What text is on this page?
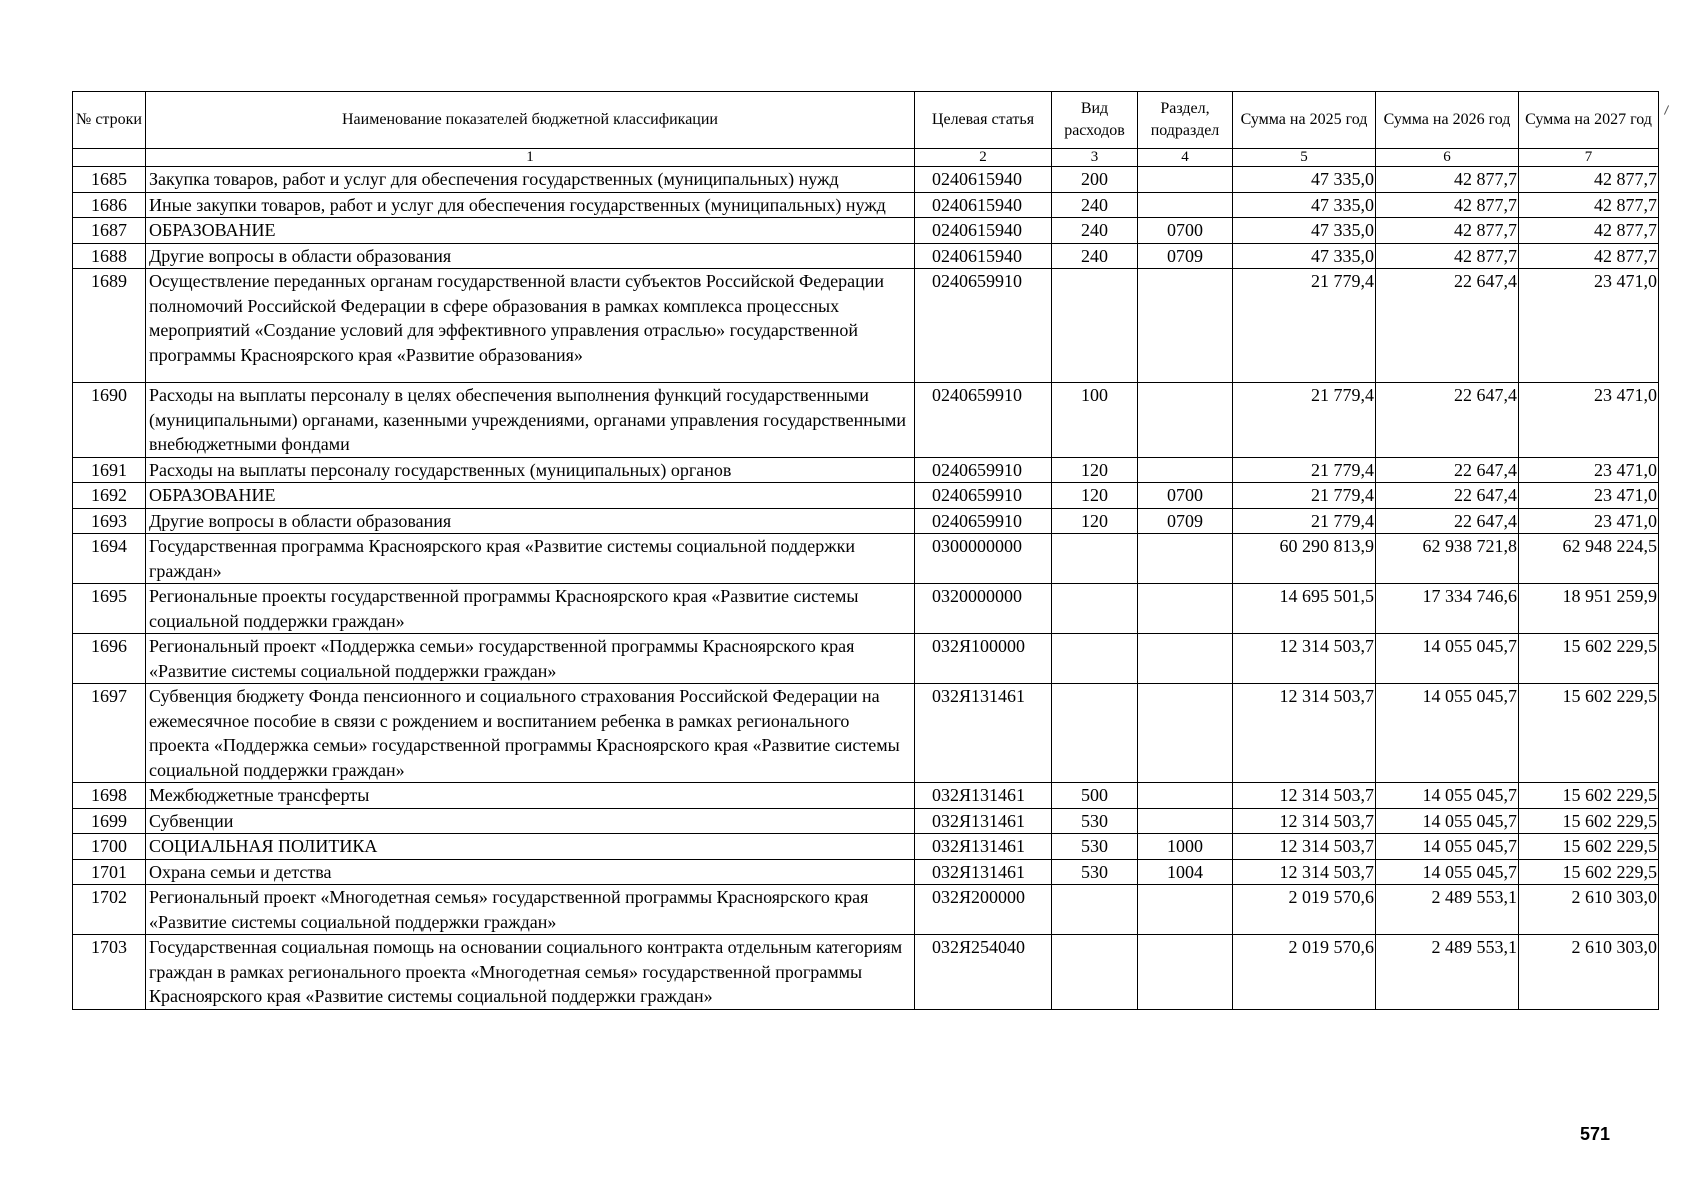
№ строки	Наименование показателей бюджетной классификации	Целевая статья	Вид расходов	Раздел, подраздел	Сумма на 2025 год	Сумма на 2026 год	Сумма на 2027 год
	1	2	3	4	5	6	7
1685	Закупка товаров, работ и услуг для обеспечения государственных (муниципальных) нужд	0240615940	200		47 335,0	42 877,7	42 877,7
1686	Иные закупки товаров, работ и услуг для обеспечения государственных (муниципальных) нужд	0240615940	240		47 335,0	42 877,7	42 877,7
1687	ОБРАЗОВАНИЕ	0240615940	240	0700	47 335,0	42 877,7	42 877,7
1688	Другие вопросы в области образования	0240615940	240	0709	47 335,0	42 877,7	42 877,7
1689	Осуществление переданных органам государственной власти субъектов Российской Федерации полномочий Российской Федерации в сфере образования в рамках комплекса процессных мероприятий «Создание условий для эффективного управления отраслью» государственной программы Красноярского края «Развитие образования»	0240659910			21 779,4	22 647,4	23 471,0
1690	Расходы на выплаты персоналу в целях обеспечения выполнения функций государственными (муниципальными) органами, казенными учреждениями, органами управления государственными внебюджетными фондами	0240659910	100		21 779,4	22 647,4	23 471,0
1691	Расходы на выплаты персоналу государственных (муниципальных) органов	0240659910	120		21 779,4	22 647,4	23 471,0
1692	ОБРАЗОВАНИЕ	0240659910	120	0700	21 779,4	22 647,4	23 471,0
1693	Другие вопросы в области образования	0240659910	120	0709	21 779,4	22 647,4	23 471,0
1694	Государственная программа Красноярского края «Развитие системы социальной поддержки граждан»	0300000000			60 290 813,9	62 938 721,8	62 948 224,5
1695	Региональные проекты государственной программы Красноярского края «Развитие системы социальной поддержки граждан»	0320000000			14 695 501,5	17 334 746,6	18 951 259,9
1696	Региональный проект «Поддержка семьи» государственной программы Красноярского края «Развитие системы социальной поддержки граждан»	032Я100000			12 314 503,7	14 055 045,7	15 602 229,5
1697	Субвенция бюджету Фонда пенсионного и социального страхования Российской Федерации на ежемесячное пособие в связи с рождением и воспитанием ребенка в рамках регионального проекта «Поддержка семьи» государственной программы Красноярского края «Развитие системы социальной поддержки граждан»	032Я131461			12 314 503,7	14 055 045,7	15 602 229,5
1698	Межбюджетные трансферты	032Я131461	500		12 314 503,7	14 055 045,7	15 602 229,5
1699	Субвенции	032Я131461	530		12 314 503,7	14 055 045,7	15 602 229,5
1700	СОЦИАЛЬНАЯ ПОЛИТИКА	032Я131461	530	1000	12 314 503,7	14 055 045,7	15 602 229,5
1701	Охрана семьи и детства	032Я131461	530	1004	12 314 503,7	14 055 045,7	15 602 229,5
1702	Региональный проект «Многодетная семья» государственной программы Красноярского края «Развитие системы социальной поддержки граждан»	032Я200000			2 019 570,6	2 489 553,1	2 610 303,0
1703	Государственная социальная помощь на основании социального контракта отдельным категориям граждан в рамках регионального проекта «Многодетная семья» государственной программы Красноярского края «Развитие системы социальной поддержки граждан»	032Я254040			2 019 570,6	2 489 553,1	2 610 303,0
571
